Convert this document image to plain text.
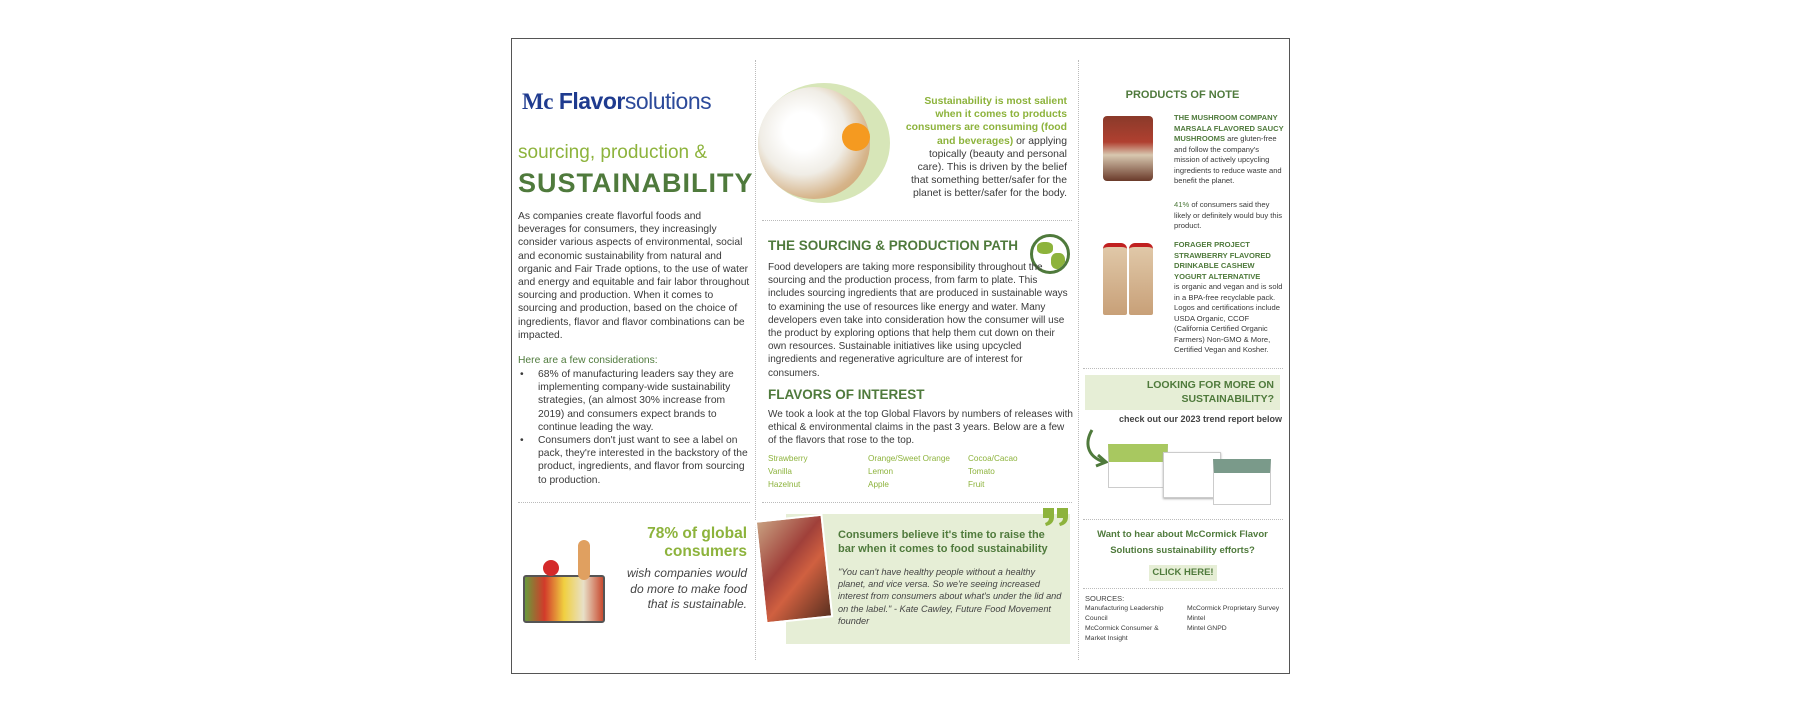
Mc Flavorsolutions
sourcing, production &
SUSTAINABILITY
As companies create flavorful foods and beverages for consumers, they increasingly consider various aspects of environmental, social and economic sustainability from natural and organic and Fair Trade options, to the use of water and energy and equitable and fair labor throughout sourcing and production. When it comes to sourcing and production, based on the choice of ingredients, flavor and flavor combinations can be impacted.
Here are a few considerations:
• 68% of manufacturing leaders say they are implementing company-wide sustainability strategies, (an almost 30% increase from 2019) and consumers expect brands to continue leading the way.
• Consumers don't just want to see a label on pack, they're interested in the backstory of the product, ingredients, and flavor from sourcing to production.
78% of global consumers
wish companies would do more to make food that is sustainable.
Sustainability is most salient when it comes to products consumers are consuming (food and beverages) or applying topically (beauty and personal care). This is driven by the belief that something better/safer for the planet is better/safer for the body.
THE SOURCING & PRODUCTION PATH
Food developers are taking more responsibility throughout the sourcing and the production process, from farm to plate. This includes sourcing ingredients that are produced in sustainable ways to examining the use of resources like energy and water. Many developers even take into consideration how the consumer will use the product by exploring options that help them cut down on their own resources. Sustainable initiatives like using upcycled ingredients and regenerative agriculture are of interest for consumers.
FLAVORS OF INTEREST
We took a look at the top Global Flavors by numbers of releases with ethical & environmental claims in the past 3 years. Below are a few of the flavors that rose to the top.
Strawberry
Vanilla
Hazelnut
Orange/Sweet Orange
Lemon
Apple
Cocoa/Cacao
Tomato
Fruit
Consumers believe it's time to raise the bar when it comes to food sustainability
"You can't have healthy people without a healthy planet, and vice versa. So we're seeing increased interest from consumers about what's under the lid and on the label." - Kate Cawley, Future Food Movement founder
PRODUCTS OF NOTE
THE MUSHROOM COMPANY MARSALA FLAVORED SAUCY MUSHROOMS are gluten-free and follow the company's mission of actively upcycling ingredients to reduce waste and benefit the planet.
41% of consumers said they likely or definitely would buy this product.
FORAGER PROJECT STRAWBERRY FLAVORED DRINKABLE CASHEW YOGURT ALTERNATIVE
is organic and vegan and is sold in a BPA-free recyclable pack. Logos and certifications include USDA Organic, CCOF (California Certified Organic Farmers) Non-GMO & More, Certified Vegan and Kosher.
LOOKING FOR MORE ON SUSTAINABILITY?
check out our 2023 trend report below
Want to hear about McCormick Flavor Solutions sustainability efforts?
CLICK HERE!
SOURCES:
Manufacturing Leadership Council
McCormick Consumer & Market Insight
McCormick Proprietary Survey
Mintel
Mintel GNPD
